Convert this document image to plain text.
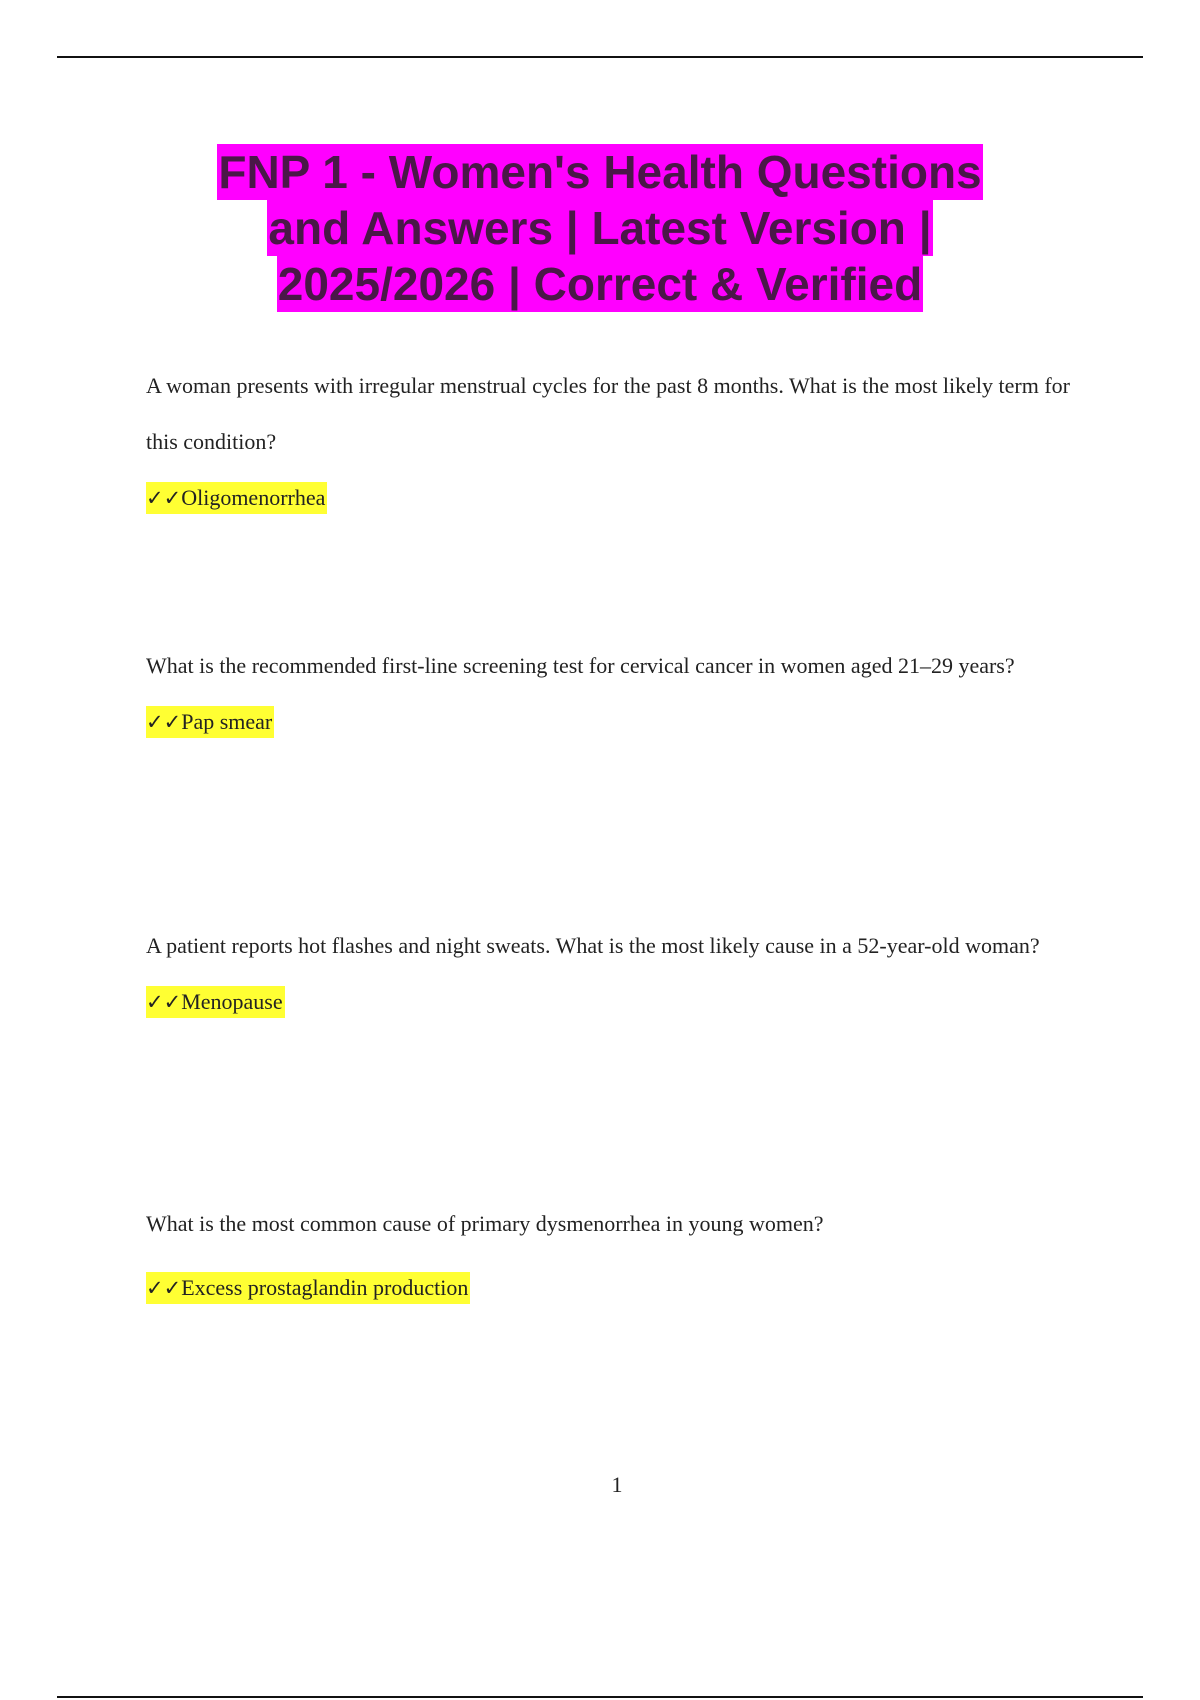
FNP 1 - Women's Health Questions
and Answers | Latest Version |
2025/2026 | Correct & Verified

A woman presents with irregular menstrual cycles for the past 8 months. What is the most likely term for this condition?

✓✓Oligomenorrhea

What is the recommended first-line screening test for cervical cancer in women aged 21–29 years?

✓✓Pap smear

A patient reports hot flashes and night sweats. What is the most likely cause in a 52-year-old woman?

✓✓Menopause

What is the most common cause of primary dysmenorrhea in young women?

✓✓Excess prostaglandin production

1
